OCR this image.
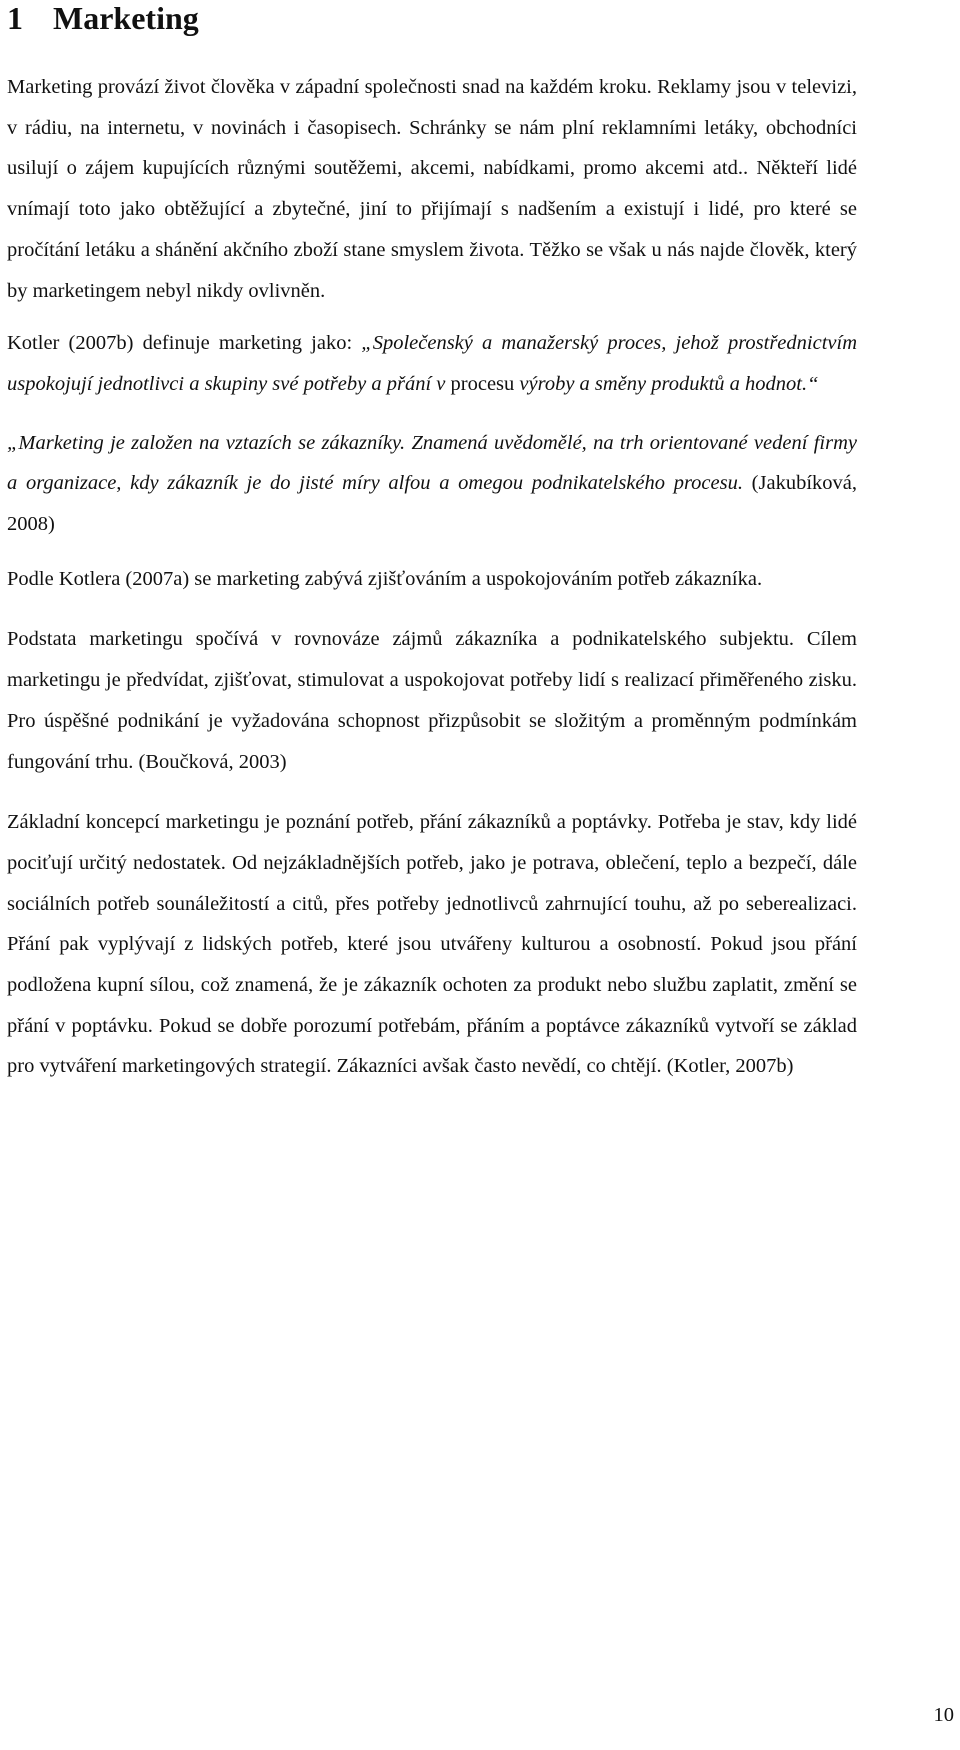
1 Marketing

Marketing provází život člověka v západní společnosti snad na každém kroku. Reklamy jsou v televizi, v rádiu, na internetu, v novinách i časopisech. Schránky se nám plní reklamními letáky, obchodníci usilují o zájem kupujících různými soutěžemi, akcemi, nabídkami, promo akcemi atd.. Někteří lidé vnímají toto jako obtěžující a zbytečné, jiní to přijímají s nadšením a existují i lidé, pro které se pročítání letáku a shánění akčního zboží stane smyslem života. Těžko se však u nás najde člověk, který by marketingem nebyl nikdy ovlivněn.

Kotler (2007b) definuje marketing jako: „Společenský a manažerský proces, jehož prostřednictvím uspokojují jednotlivci a skupiny své potřeby a přání v procesu výroby a směny produktů a hodnot.“

„Marketing je založen na vztazích se zákazníky. Znamená uvědomělé, na trh orientované vedení firmy a organizace, kdy zákazník je do jisté míry alfou a omegou podnikatelského procesu. (Jakubíková, 2008)

Podle Kotlera (2007a) se marketing zabývá zjišťováním a uspokojováním potřeb zákazníka.

Podstata marketingu spočívá v rovnováze zájmů zákazníka a podnikatelského subjektu. Cílem marketingu je předvídat, zjišťovat, stimulovat a uspokojovat potřeby lidí s realizací přiměřeného zisku. Pro úspěšné podnikání je vyžadována schopnost přizpůsobit se složitým a proměnným podmínkám fungování trhu. (Boučková, 2003)

Základní koncepcí marketingu je poznání potřeb, přání zákazníků a poptávky. Potřeba je stav, kdy lidé pociťují určitý nedostatek. Od nejzákladnějších potřeb, jako je potrava, oblečení, teplo a bezpečí, dále sociálních potřeb sounáležitostí a citů, přes potřeby jednotlivců zahrnující touhu, až po seberealizaci. Přání pak vyplývají z lidských potřeb, které jsou utvářeny kulturou a osobností. Pokud jsou přání podložena kupní sílou, což znamená, že je zákazník ochoten za produkt nebo službu zaplatit, změní se přání v poptávku. Pokud se dobře porozumí potřebám, přáním a poptávce zákazníků vytvoří se základ pro vytváření marketingových strategií. Zákazníci avšak často nevědí, co chtějí. (Kotler, 2007b)

10
